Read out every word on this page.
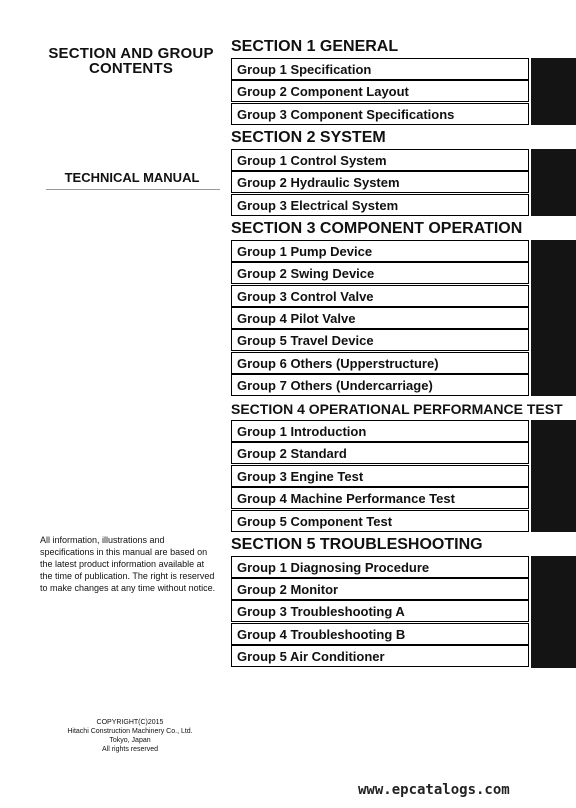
SECTION AND GROUP
CONTENTS
TECHNICAL MANUAL
All information, illustrations and specifications in this manual are based on the latest product information available at the time of publication. The right is reserved to make changes at any time without notice.
COPYRIGHT(C)2015
Hitachi Construction Machinery Co., Ltd.
Tokyo, Japan
All rights reserved
SECTION 1 GENERAL
Group 1 Specification
Group 2 Component Layout
Group 3 Component Specifications
SECTION 2 SYSTEM
Group 1 Control System
Group 2 Hydraulic System
Group 3 Electrical System
SECTION 3 COMPONENT OPERATION
Group 1 Pump Device
Group 2 Swing Device
Group 3 Control Valve
Group 4 Pilot Valve
Group 5 Travel Device
Group 6 Others (Upperstructure)
Group 7 Others (Undercarriage)
SECTION 4 OPERATIONAL PERFORMANCE TEST
Group 1 Introduction
Group 2 Standard
Group 3 Engine Test
Group 4 Machine Performance Test
Group 5 Component Test
SECTION 5 TROUBLESHOOTING
Group 1 Diagnosing Procedure
Group 2 Monitor
Group 3 Troubleshooting A
Group 4 Troubleshooting B
Group 5 Air Conditioner
www.epcatalogs.com
